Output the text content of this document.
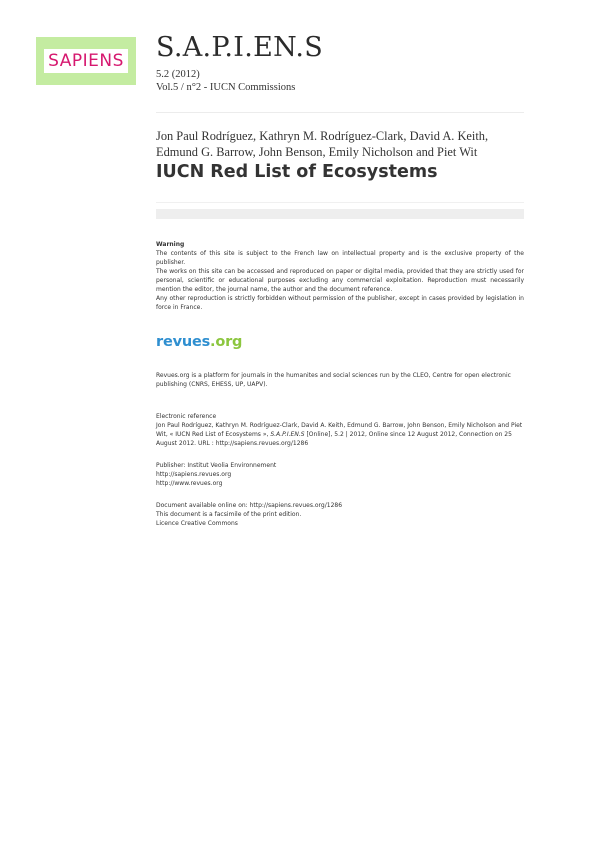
SAPIENS S.A.P.I.EN.S
5.2 (2012)
Vol.5 / n°2 - IUCN Commissions
Jon Paul Rodríguez, Kathryn M. Rodríguez-Clark, David A. Keith,
Edmund G. Barrow, John Benson, Emily Nicholson and Piet Wit
IUCN Red List of Ecosystems
Warning

The contents of this site is subject to the French law on intellectual property and is the exclusive property of the publisher.

The works on this site can be accessed and reproduced on paper or digital media, provided that they are strictly used for personal, scientific or educational purposes excluding any commercial exploitation. Reproduction must necessarily mention the editor, the journal name, the author and the document reference.

Any other reproduction is strictly forbidden without permission of the publisher, except in cases provided by legislation in force in France.

revues.org
Revues.org is a platform for journals in the humanites and social sciences run by the CLEO, Centre for open electronic publishing (CNRS, EHESS, UP, UAPV).

Electronic reference

Jon Paul Rodríguez, Kathryn M. Rodríguez-Clark, David A. Keith, Edmund G. Barrow, John Benson, Emily Nicholson and Piet Wit, « IUCN Red List of Ecosystems », S.A.P.I.EN.S [Online], 5.2 | 2012, Online since 12 August 2012, Connection on 25 August 2012. URL : http://sapiens.revues.org/1286

Publisher: Institut Veolia Environnement

http://sapiens.revues.org

http://www.revues.org

Document available online on: http://sapiens.revues.org/1286

This document is a facsimile of the print edition.

Licence Creative Commons
